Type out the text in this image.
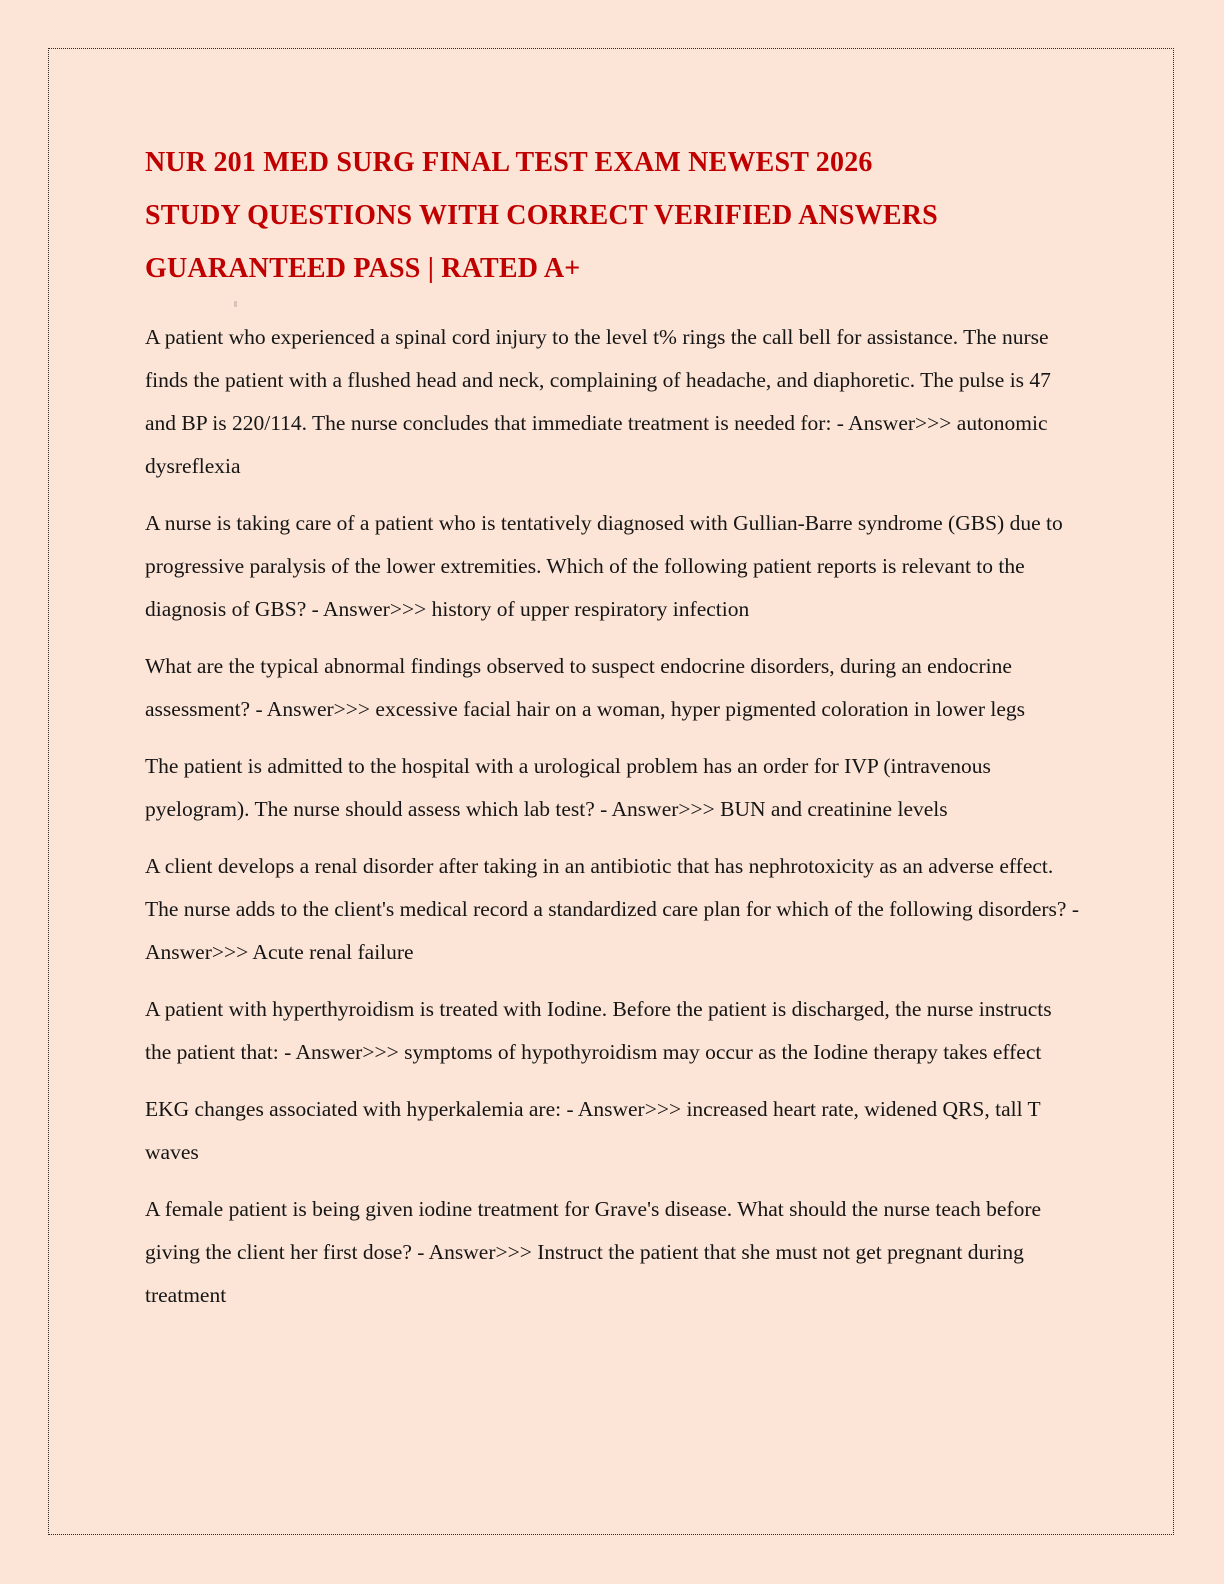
NUR 201 MED SURG FINAL TEST EXAM NEWEST 2026
STUDY QUESTIONS WITH CORRECT VERIFIED ANSWERS
GUARANTEED PASS | RATED A+

A patient who experienced a spinal cord injury to the level t% rings the call bell for assistance. The nurse finds the patient with a flushed head and neck, complaining of headache, and diaphoretic. The pulse is 47 and BP is 220/114. The nurse concludes that immediate treatment is needed for: - Answer>>> autonomic dysreflexia

A nurse is taking care of a patient who is tentatively diagnosed with Gullian-Barre syndrome (GBS) due to progressive paralysis of the lower extremities. Which of the following patient reports is relevant to the diagnosis of GBS? - Answer>>> history of upper respiratory infection

What are the typical abnormal findings observed to suspect endocrine disorders, during an endocrine assessment? - Answer>>> excessive facial hair on a woman, hyper pigmented coloration in lower legs

The patient is admitted to the hospital with a urological problem has an order for IVP (intravenous pyelogram). The nurse should assess which lab test? - Answer>>> BUN and creatinine levels

A client develops a renal disorder after taking in an antibiotic that has nephrotoxicity as an adverse effect. The nurse adds to the client's medical record a standardized care plan for which of the following disorders? - Answer>>> Acute renal failure

A patient with hyperthyroidism is treated with Iodine. Before the patient is discharged, the nurse instructs the patient that: - Answer>>> symptoms of hypothyroidism may occur as the Iodine therapy takes effect

EKG changes associated with hyperkalemia are: - Answer>>> increased heart rate, widened QRS, tall T waves

A female patient is being given iodine treatment for Grave's disease. What should the nurse teach before giving the client her first dose? - Answer>>> Instruct the patient that she must not get pregnant during treatment
